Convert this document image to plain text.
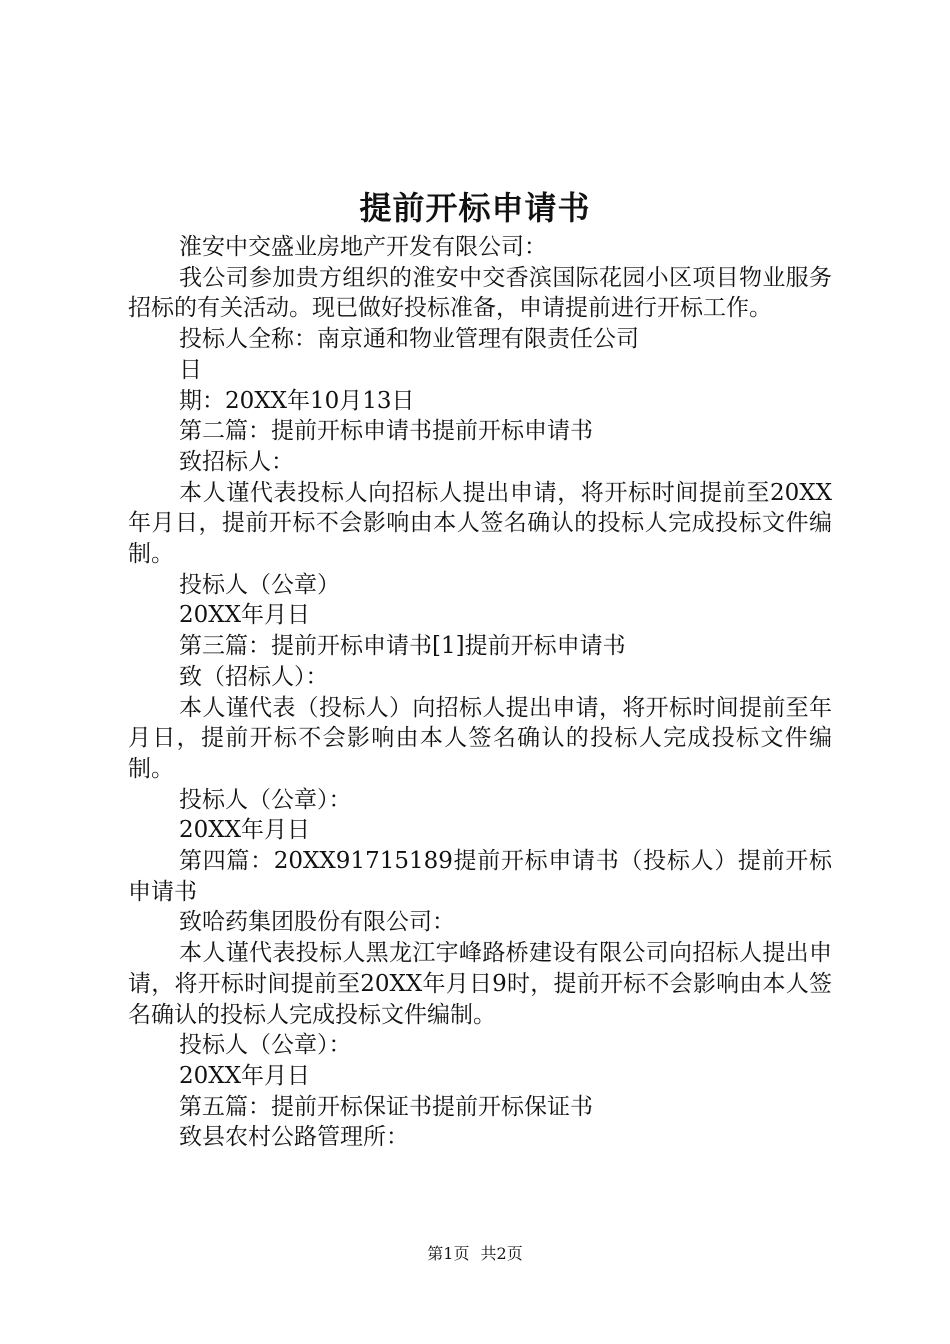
提前开标申请书

淮安中交盛业房地产开发有限公司：

我公司参加贵方组织的淮安中交香滨国际花园小区项目物业服务招标的有关活动。现已做好投标准备，申请提前进行开标工作。

投标人全称：南京通和物业管理有限责任公司

日

期：20XX年10月13日

第二篇：提前开标申请书提前开标申请书

致招标人：

本人谨代表投标人向招标人提出申请，将开标时间提前至20XX年月日，提前开标不会影响由本人签名确认的投标人完成投标文件编制。

投标人（公章）

20XX年月日

第三篇：提前开标申请书[1]提前开标申请书

致（招标人）：

本人谨代表（投标人）向招标人提出申请，将开标时间提前至年月日，提前开标不会影响由本人签名确认的投标人完成投标文件编制。

投标人（公章）：

20XX年月日

第四篇：20XX91715189提前开标申请书（投标人）提前开标申请书

致哈药集团股份有限公司：

本人谨代表投标人黑龙江宇峰路桥建设有限公司向招标人提出申请，将开标时间提前至20XX年月日9时，提前开标不会影响由本人签名确认的投标人完成投标文件编制。

投标人（公章）：

20XX年月日

第五篇：提前开标保证书提前开标保证书

致县农村公路管理所：

第1页 共2页
